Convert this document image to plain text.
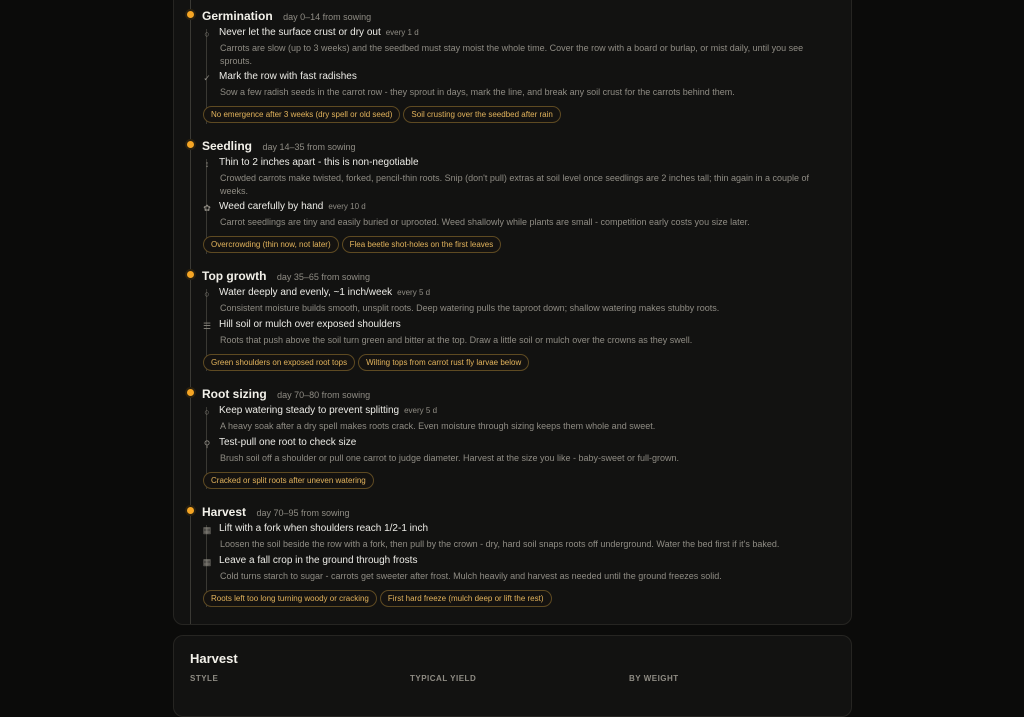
Germination day 0–14 from sowing
○ Never let the surface crust or dry out every 1 d
Carrots are slow (up to 3 weeks) and the seedbed must stay moist the whole time. Cover the row with a board or burlap, or mist daily, until you see sprouts.
✓ Mark the row with fast radishes
Sow a few radish seeds in the carrot row - they sprout in days, mark the line, and break any soil crust for the carrots behind them.
No emergence after 3 weeks (dry spell or old seed) Soil crusting over the seedbed after rain
Seedling day 14–35 from sowing
↕ Thin to 2 inches apart - this is non-negotiable
Crowded carrots make twisted, forked, pencil-thin roots. Snip (don't pull) extras at soil level once seedlings are 2 inches tall; thin again in a couple of weeks.
✿ Weed carefully by hand every 10 d
Carrot seedlings are tiny and easily buried or uprooted. Weed shallowly while plants are small - competition early costs you size later.
Overcrowding (thin now, not later) Flea beetle shot-holes on the first leaves
Top growth day 35–65 from sowing
○ Water deeply and evenly, ~1 inch/week every 5 d
Consistent moisture builds smooth, unsplit roots. Deep watering pulls the taproot down; shallow watering makes stubby roots.
☰ Hill soil or mulch over exposed shoulders
Roots that push above the soil turn green and bitter at the top. Draw a little soil or mulch over the crowns as they swell.
Green shoulders on exposed root tops Wilting tops from carrot rust fly larvae below
Root sizing day 70–80 from sowing
○ Keep watering steady to prevent splitting every 5 d
A heavy soak after a dry spell makes roots crack. Even moisture through sizing keeps them whole and sweet.
⚲ Test-pull one root to check size
Brush soil off a shoulder or pull one carrot to judge diameter. Harvest at the size you like - baby-sweet or full-grown.
Cracked or split roots after uneven watering
Harvest day 70–95 from sowing
▦ Lift with a fork when shoulders reach 1/2-1 inch
Loosen the soil beside the row with a fork, then pull by the crown - dry, hard soil snaps roots off underground. Water the bed first if it's baked.
▦ Leave a fall crop in the ground through frosts
Cold turns starch to sugar - carrots get sweeter after frost. Mulch heavily and harvest as needed until the ground freezes solid.
Roots left too long turning woody or cracking First hard freeze (mulch deep or lift the rest)
Harvest
STYLE	TYPICAL YIELD	BY WEIGHT
